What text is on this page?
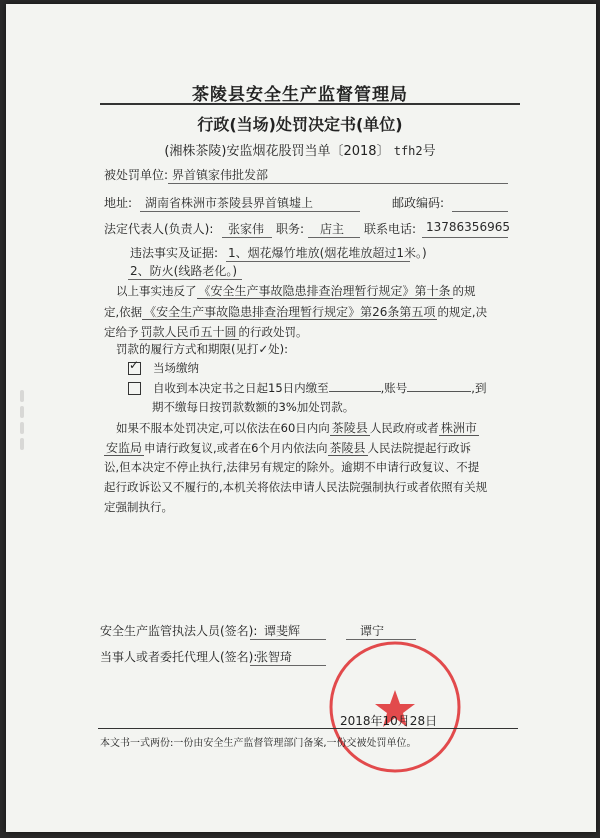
茶陵县安全生产监督管理局
行政(当场)处罚决定书(单位)
(湘株茶陵)安监烟花股罚当单〔2018〕 tfh2号
被处罚单位: 界首镇家伟批发部
地址: 湖南省株洲市茶陵县界首镇墟上	邮政编码:
法定代表人(负责人): 张家伟 职务: 店主 联系电话: 13786356965
违法事实及证据: 1、烟花爆竹堆放(烟花堆放超过1米。)
2、防火(线路老化。)
以上事实违反了 《安全生产事故隐患排查治理暂行规定》第十条 的规
定,依据 《安全生产事故隐患排查治理暂行规定》第26条第五项 的规定,决
定给予 罚款人民币五十圆 的行政处罚。
罚款的履行方式和期限(见打✓处):
✓ 当场缴纳
自收到本决定书之日起15日内缴至	,账号	,到
期不缴每日按罚款数额的3%加处罚款。
如果不服本处罚决定,可以依法在60日内向 茶陵县 人民政府或者 株洲市
安监局 申请行政复议,或者在6个月内依法向 茶陵县 人民法院提起行政诉
讼,但本决定不停止执行,法律另有规定的除外。逾期不申请行政复议、不提
起行政诉讼又不履行的,本机关将依法申请人民法院强制执行或者依照有关规
定强制执行。
安全生产监管执法人员(签名): 谭斐辉	谭宁
当事人或者委托代理人(签名):
张智琦
2018年10月28日
本文书一式两份:一份由安全生产监督管理部门备案,一份交被处罚单位。
